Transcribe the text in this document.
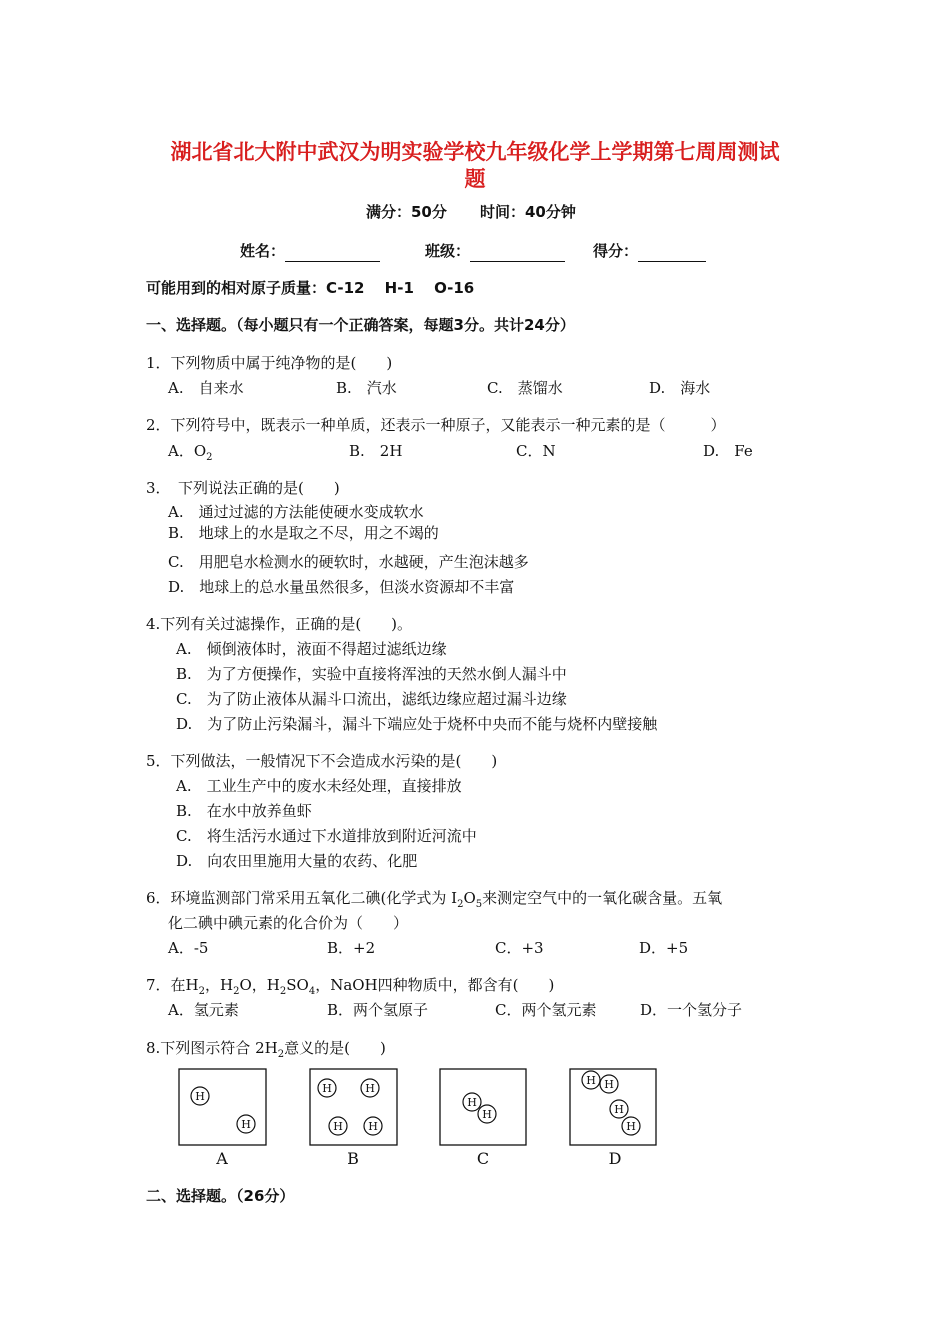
湖北省北大附中武汉为明实验学校九年级化学上学期第七周周测试
题
满分：50分 时间：40分钟
姓名：	班级：	得分：
可能用到的相对原子质量：C-12　 H-1　 O-16
一、选择题。（每小题只有一个正确答案，每题3分。共计24分）
1．下列物质中属于纯净物的是(　　)
A.　自来水	B.　汽水	C.　蒸馏水	D.　海水
2．下列符号中，既表示一种单质，还表示一种原子，又能表示一种元素的是（　　　）
A．$O_2$	B.　2H	C．N	D.　Fe
3．　下列说法正确的是(　　)
A.　通过过滤的方法能使硬水变成软水
B.　地球上的水是取之不尽，用之不竭的
C.　用肥皂水检测水的硬软时，水越硬，产生泡沫越多
D.　地球上的总水量虽然很多，但淡水资源却不丰富
4.下列有关过滤操作，正确的是(　　)。
A.　倾倒液体时，液面不得超过滤纸边缘
B.　为了方便操作，实验中直接将浑浊的天然水倒人漏斗中
C.　为了防止液体从漏斗口流出，滤纸边缘应超过漏斗边缘
D.　为了防止污染漏斗，漏斗下端应处于烧杯中央而不能与烧杯内壁接触
5．下列做法，一般情况下不会造成水污染的是(　　)
A.　工业生产中的废水未经处理，直接排放
B.　在水中放养鱼虾
C.　将生活污水通过下水道排放到附近河流中
D.　向农田里施用大量的农药、化肥
6．环境监测部门常采用五氧化二碘(化学式为 $I_2O_5$来测定空气中的一氧化碳含量。五氧
化二碘中碘元素的化合价为（　　）
A．-5	B．+2	C．+3	D．+5
7．在$H_2$，$H_2O$，$H_2SO_4$，NaOH四种物质中，都含有(　　)
A．氢元素	B．两个氢原子	C．两个氢元素	D．一个氢分子
8.下列图示符合 $2H_2$意义的是(　　)
H
H
H	H
H H
H
H
H H
H
H
A	B	C	D
二、选择题。（26分）
